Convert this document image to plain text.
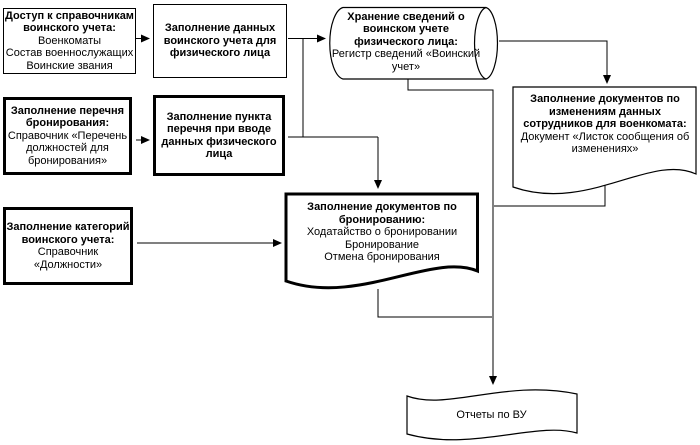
Доступ к справочникам воинского учета:
Военкоматы
Состав военнослужащих
Воинские звания
Заполнение данных воинского учета для физического лица
Заполнение перечня бронирования:
Справочник «Перечень должностей для бронирования»
Заполнение пункта перечня при вводе данных физического лица
Заполнение категорий воинского учета:
Справочник «Должности»
Хранение сведений о воинском учете физического лица:
Регистр сведений «Воинский учет»
Заполнение документов по изменениям данных сотрудников для военкомата:
Документ «Листок сообщения об изменениях»
Заполнение документов по бронированию:
Ходатайство о бронировании
Бронирование
Отмена бронирования
Отчеты по ВУ
